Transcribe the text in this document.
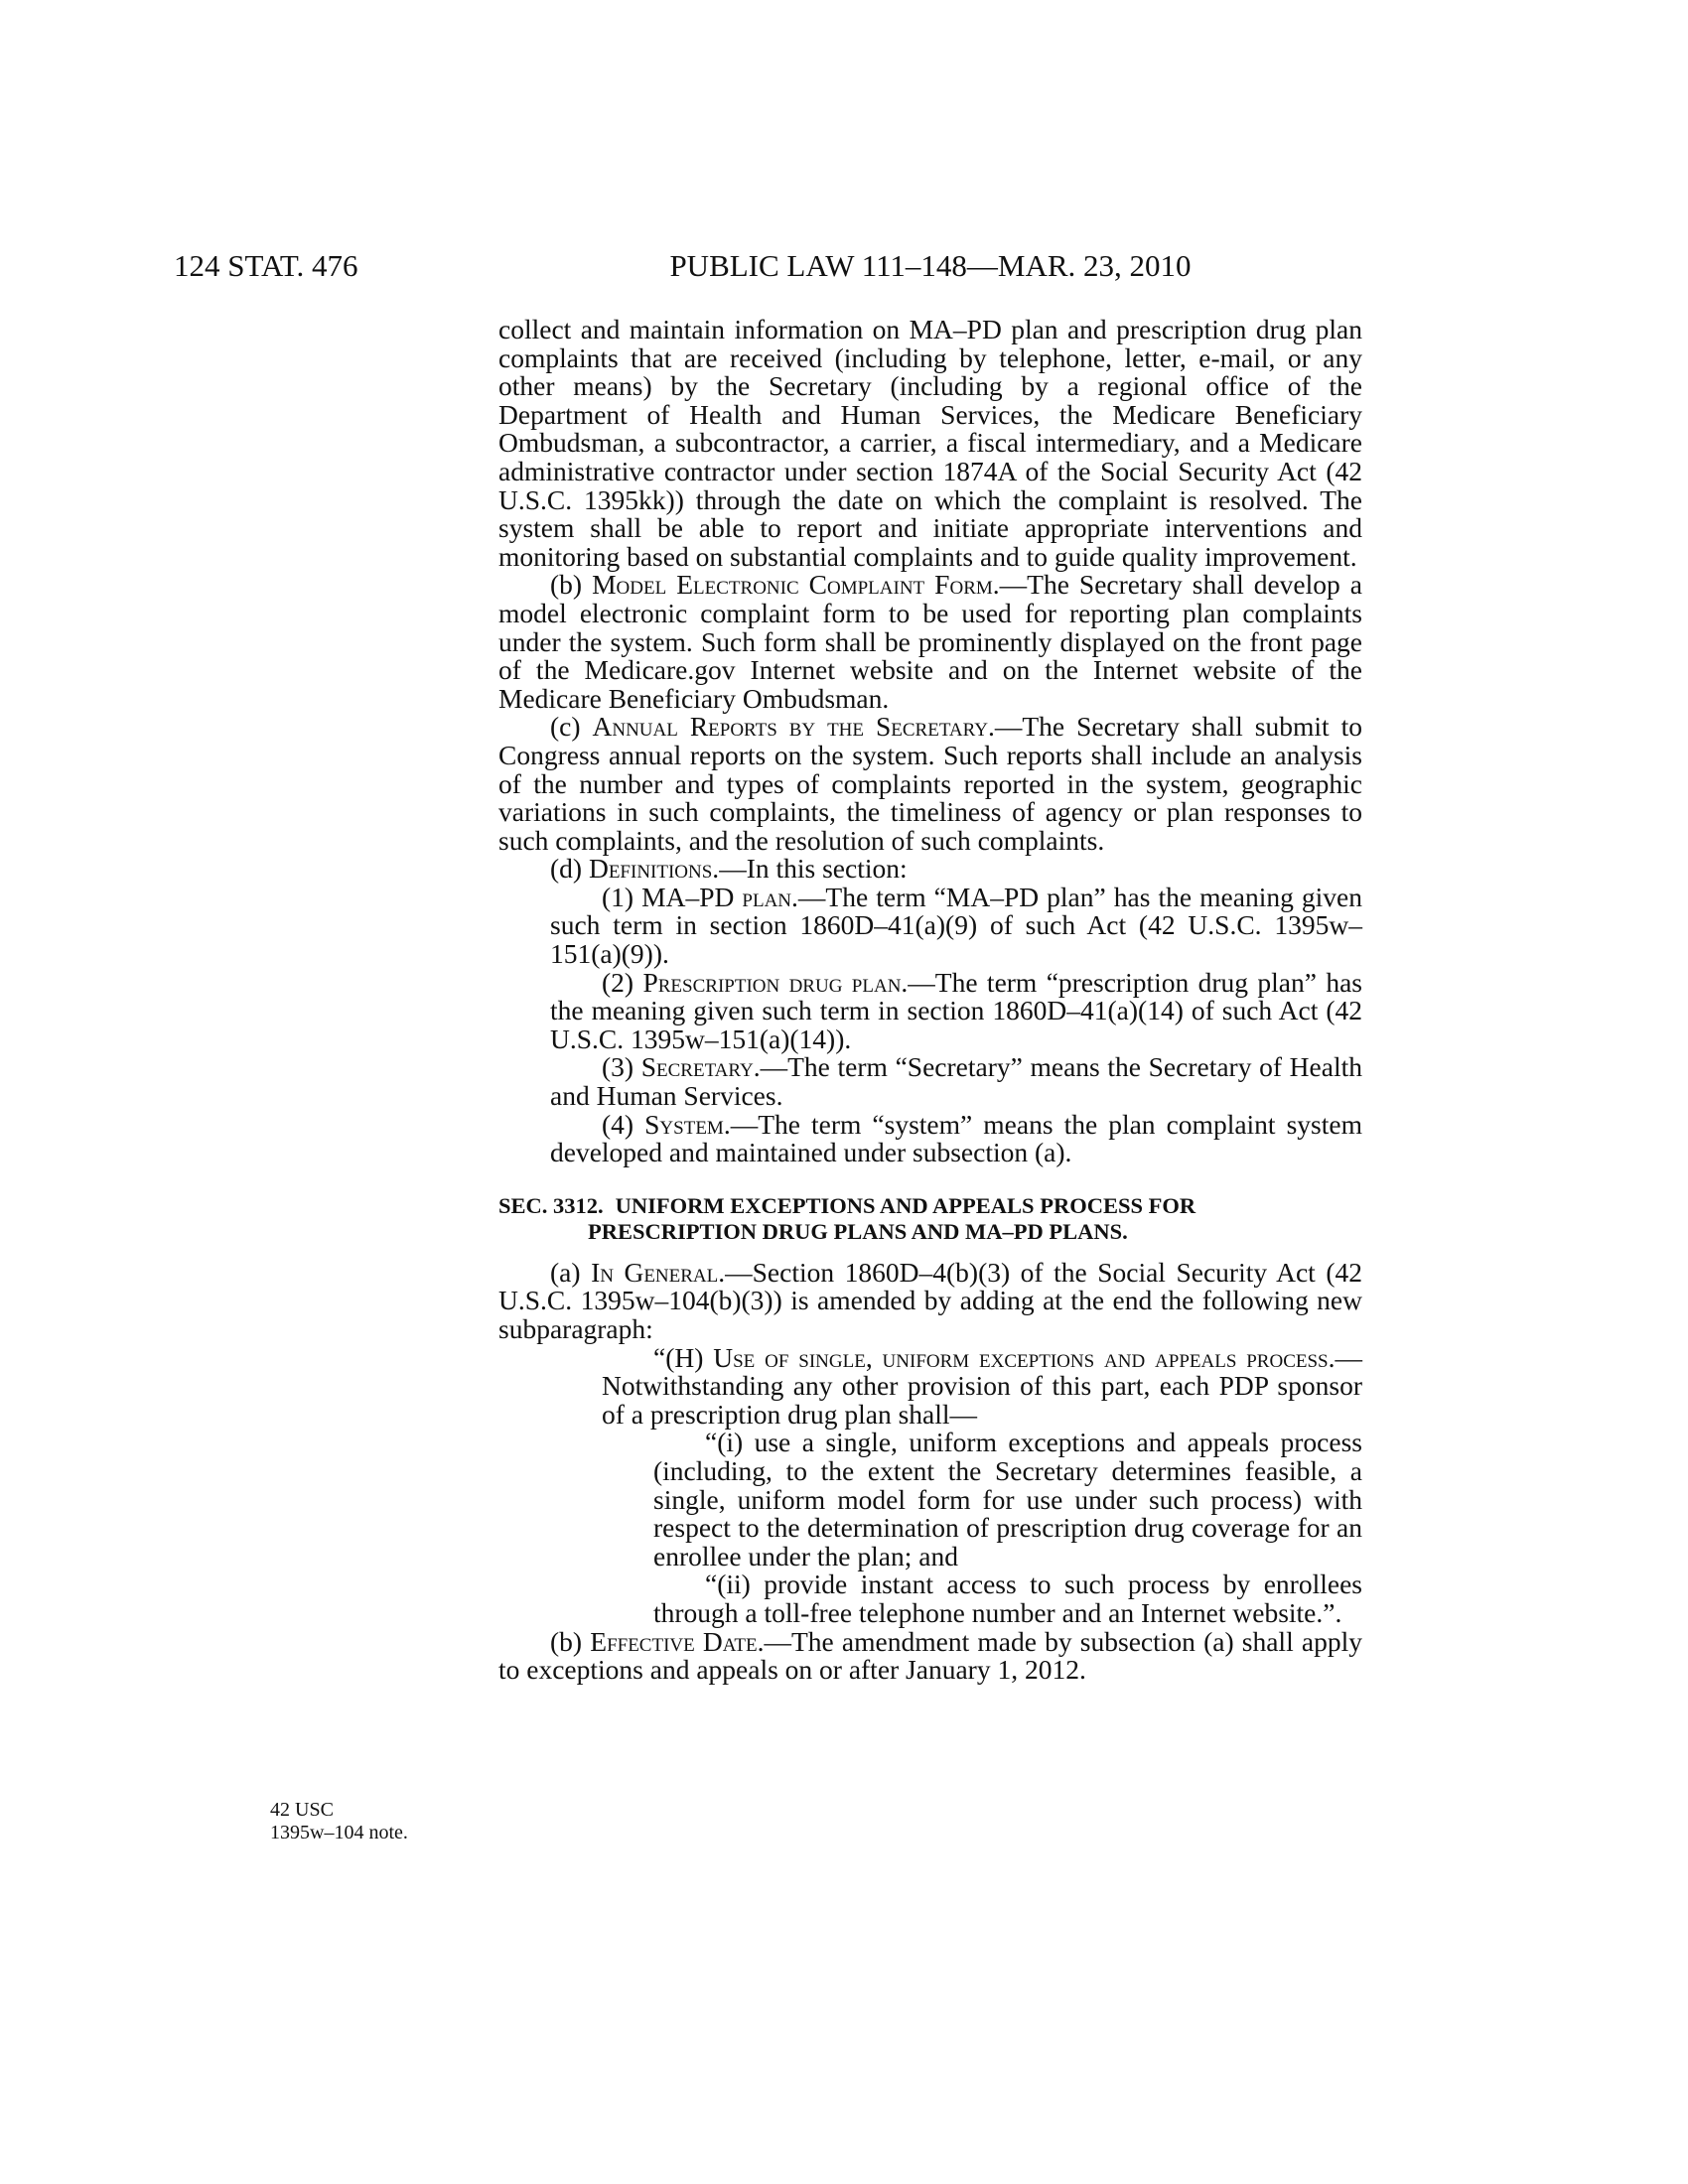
124 STAT. 476	PUBLIC LAW 111–148—MAR. 23, 2010

collect and maintain information on MA–PD plan and prescription drug plan complaints that are received (including by telephone, letter, e-mail, or any other means) by the Secretary (including by a regional office of the Department of Health and Human Services, the Medicare Beneficiary Ombudsman, a subcontractor, a carrier, a fiscal intermediary, and a Medicare administrative contractor under section 1874A of the Social Security Act (42 U.S.C. 1395kk)) through the date on which the complaint is resolved. The system shall be able to report and initiate appropriate interventions and monitoring based on substantial complaints and to guide quality improvement.

(b) Model Electronic Complaint Form.—The Secretary shall develop a model electronic complaint form to be used for reporting plan complaints under the system. Such form shall be prominently displayed on the front page of the Medicare.gov Internet website and on the Internet website of the Medicare Beneficiary Ombudsman.

(c) Annual Reports by the Secretary.—The Secretary shall submit to Congress annual reports on the system. Such reports shall include an analysis of the number and types of complaints reported in the system, geographic variations in such complaints, the timeliness of agency or plan responses to such complaints, and the resolution of such complaints.

(d) Definitions.—In this section:

(1) MA–PD plan.—The term “MA–PD plan” has the meaning given such term in section 1860D–41(a)(9) of such Act (42 U.S.C. 1395w–151(a)(9)).

(2) Prescription drug plan.—The term “prescription drug plan” has the meaning given such term in section 1860D–41(a)(14) of such Act (42 U.S.C. 1395w–151(a)(14)).

(3) Secretary.—The term “Secretary” means the Secretary of Health and Human Services.

(4) System.—The term “system” means the plan complaint system developed and maintained under subsection (a).

SEC. 3312. UNIFORM EXCEPTIONS AND APPEALS PROCESS FOR
PRESCRIPTION DRUG PLANS AND MA–PD PLANS.

(a) In General.—Section 1860D–4(b)(3) of the Social Security Act (42 U.S.C. 1395w–104(b)(3)) is amended by adding at the end the following new subparagraph:

“(H) Use of single, uniform exceptions and appeals process.—Notwithstanding any other provision of this part, each PDP sponsor of a prescription drug plan shall—

“(i) use a single, uniform exceptions and appeals process (including, to the extent the Secretary determines feasible, a single, uniform model form for use under such process) with respect to the determination of prescription drug coverage for an enrollee under the plan; and

“(ii) provide instant access to such process by enrollees through a toll-free telephone number and an Internet website.”.

(b) Effective Date.—The amendment made by subsection (a) shall apply to exceptions and appeals on or after January 1, 2012.

42 USC
1395w–104 note.
